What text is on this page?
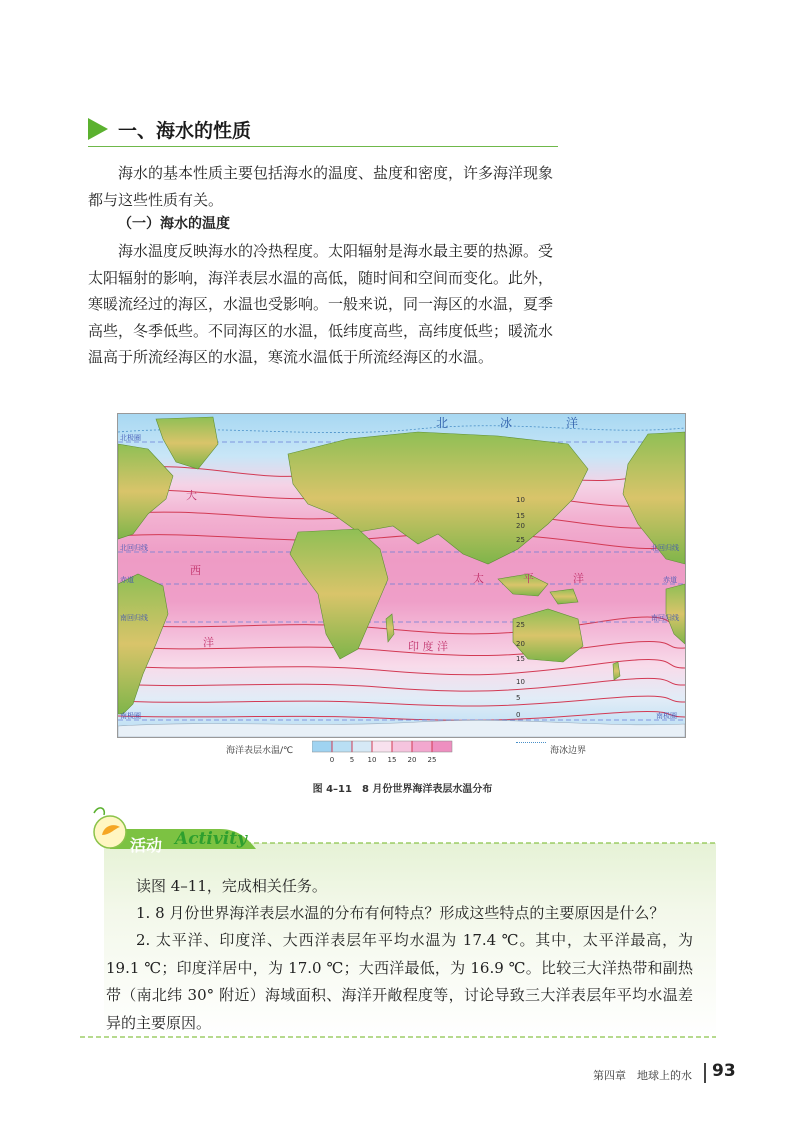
一、海水的性质

海水的基本性质主要包括海水的温度、盐度和密度，许多海洋现象都与这些性质有关。

（一）海水的温度

海水温度反映海水的冷热程度。太阳辐射是海水最主要的热源。受太阳辐射的影响，海洋表层水温的高低，随时间和空间而变化。此外，寒暖流经过的海区，水温也受影响。一般来说，同一海区的水温，夏季高些，冬季低些。不同海区的水温，低纬度高些，高纬度低些；暖流水温高于所流经海区的水温，寒流水温低于所流经海区的水温。

北	冰	洋
太	平	洋
印 度 洋
大
西
洋
北极圈
北回归线	北回归线
赤道	赤道
南回归线	南回归线
南极圈	南极圈
10
15
20
25
25
20
15
10
5
0
海洋表层水温/℃
0 5 10 15 20 25
海冰边界
图 4–11　8 月份世界海洋表层水温分布
活动 Activity

读图 4–11，完成相关任务。

1. 8 月份世界海洋表层水温的分布有何特点？形成这些特点的主要原因是什么？

2. 太平洋、印度洋、大西洋表层年平均水温为 17.4 ℃。其中，太平洋最高，为 19.1 ℃；印度洋居中，为 17.0 ℃；大西洋最低，为 16.9 ℃。比较三大洋热带和副热带（南北纬 30° 附近）海域面积、海洋开敞程度等，讨论导致三大洋表层年平均水温差异的主要原因。

第四章　地球上的水 93
